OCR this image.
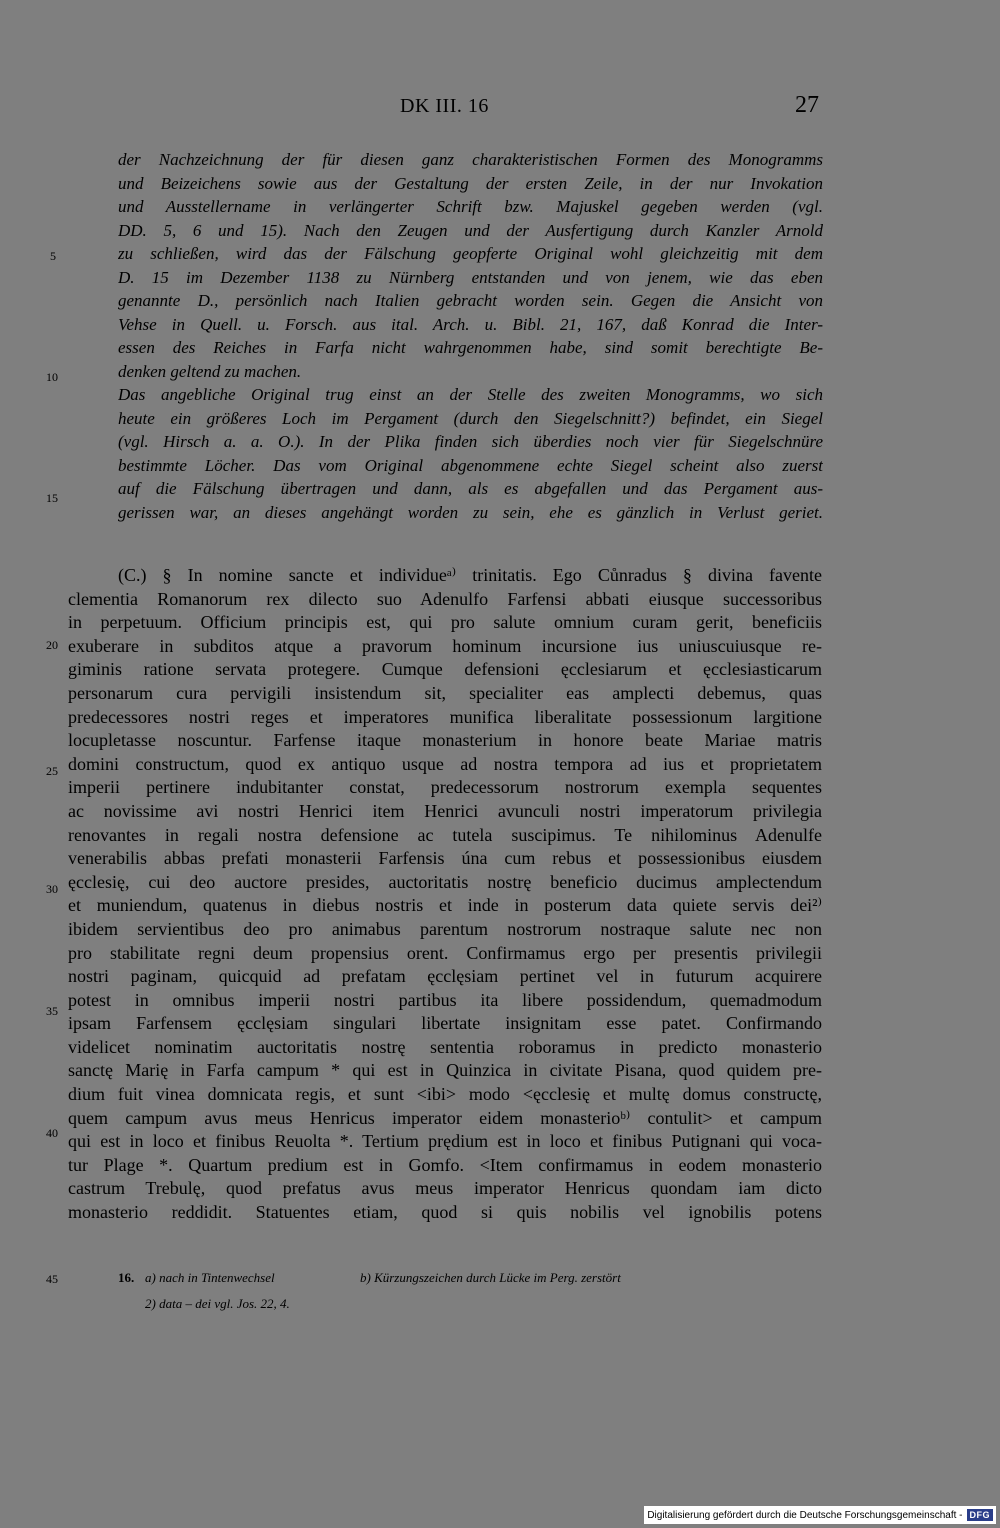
DK III. 16	27
der Nachzeichnung der für diesen ganz charakteristischen Formen des Monogramms
und Beizeichens sowie aus der Gestaltung der ersten Zeile, in der nur Invokation
und Ausstellername in verlängerter Schrift bzw. Majuskel gegeben werden (vgl.
DD. 5, 6 und 15). Nach den Zeugen und der Ausfertigung durch Kanzler Arnold
zu schließen, wird das der Fälschung geopferte Original wohl gleichzeitig mit dem
D. 15 im Dezember 1138 zu Nürnberg entstanden und von jenem, wie das eben
genannte D., persönlich nach Italien gebracht worden sein. Gegen die Ansicht von
Vehse in Quell. u. Forsch. aus ital. Arch. u. Bibl. 21, 167, daß Konrad die Inter-
essen des Reiches in Farfa nicht wahrgenommen habe, sind somit berechtigte Be-
denken geltend zu machen.
Das angebliche Original trug einst an der Stelle des zweiten Monogramms, wo sich
heute ein größeres Loch im Pergament (durch den Siegelschnitt?) befindet, ein Siegel
(vgl. Hirsch a. a. O.). In der Plika finden sich überdies noch vier für Siegelschnüre
bestimmte Löcher. Das vom Original abgenommene echte Siegel scheint also zuerst
auf die Fälschung übertragen und dann, als es abgefallen und das Pergament aus-
gerissen war, an dieses angehängt worden zu sein, ehe es gänzlich in Verlust geriet.
5
10
15
(C.) § In nomine sancte et individueᵃ⁾ trinitatis. Ego Cůnradus § divina favente
clementia Romanorum rex dilecto suo Adenulfo Farfensi abbati eiusque successoribus
in perpetuum. Officium principis est, qui pro salute omnium curam gerit, beneficiis
exuberare in subditos atque a pravorum hominum incursione ius uniuscuiusque re-
giminis ratione servata protegere. Cumque defensioni ęcclesiarum et ęcclesiasticarum
personarum cura pervigili insistendum sit, specialiter eas amplecti debemus, quas
predecessores nostri reges et imperatores munifica liberalitate possessionum largitione
locupletasse noscuntur. Farfense itaque monasterium in honore beate Mariae matris
domini constructum, quod ex antiquo usque ad nostra tempora ad ius et proprietatem
imperii pertinere indubitanter constat, predecessorum nostrorum exempla sequentes
ac novissime avi nostri Henrici item Henrici avunculi nostri imperatorum privilegia
renovantes in regali nostra defensione ac tutela suscipimus. Te nihilominus Adenulfe
venerabilis abbas prefati monasterii Farfensis úna cum rebus et possessionibus eiusdem
ęcclesię, cui deo auctore presides, auctoritatis nostrę beneficio ducimus amplectendum
et muniendum, quatenus in diebus nostris et inde in posterum data quiete servis dei²⁾
ibidem servientibus deo pro animabus parentum nostrorum nostraque salute nec non
pro stabilitate regni deum propensius orent. Confirmamus ergo per presentis privilegii
nostri paginam, quicquid ad prefatam ęcclęsiam pertinet vel in futurum acquirere
potest in omnibus imperii nostri partibus ita libere possidendum, quemadmodum
ipsam Farfensem ęcclęsiam singulari libertate insignitam esse patet. Confirmando
videlicet nominatim auctoritatis nostrę sententia roboramus in predicto monasterio
sanctę Marię in Farfa campum * qui est in Quinzica in civitate Pisana, quod quidem pre-
dium fuit vinea domnicata regis, et sunt <ibi> modo <ęcclesię et multę domus constructę,
quem campum avus meus Henricus imperator eidem monasterioᵇ⁾ contulit> et campum
qui est in loco et finibus Reuolta *. Tertium prędium est in loco et finibus Putignani qui voca-
tur Plage *. Quartum predium est in Gomfo. <Item confirmamus in eodem monasterio
castrum Trebulę, quod prefatus avus meus imperator Henricus quondam iam dicto
monasterio reddidit. Statuentes etiam, quod si quis nobilis vel ignobilis potens
20
25
30
35
40
45	16. a) nach in Tintenwechsel	b) Kürzungszeichen durch Lücke im Perg. zerstört
2) data – dei vgl. Jos. 22, 4.
Digitalisierung gefördert durch die Deutsche Forschungsgemeinschaft - DFG
